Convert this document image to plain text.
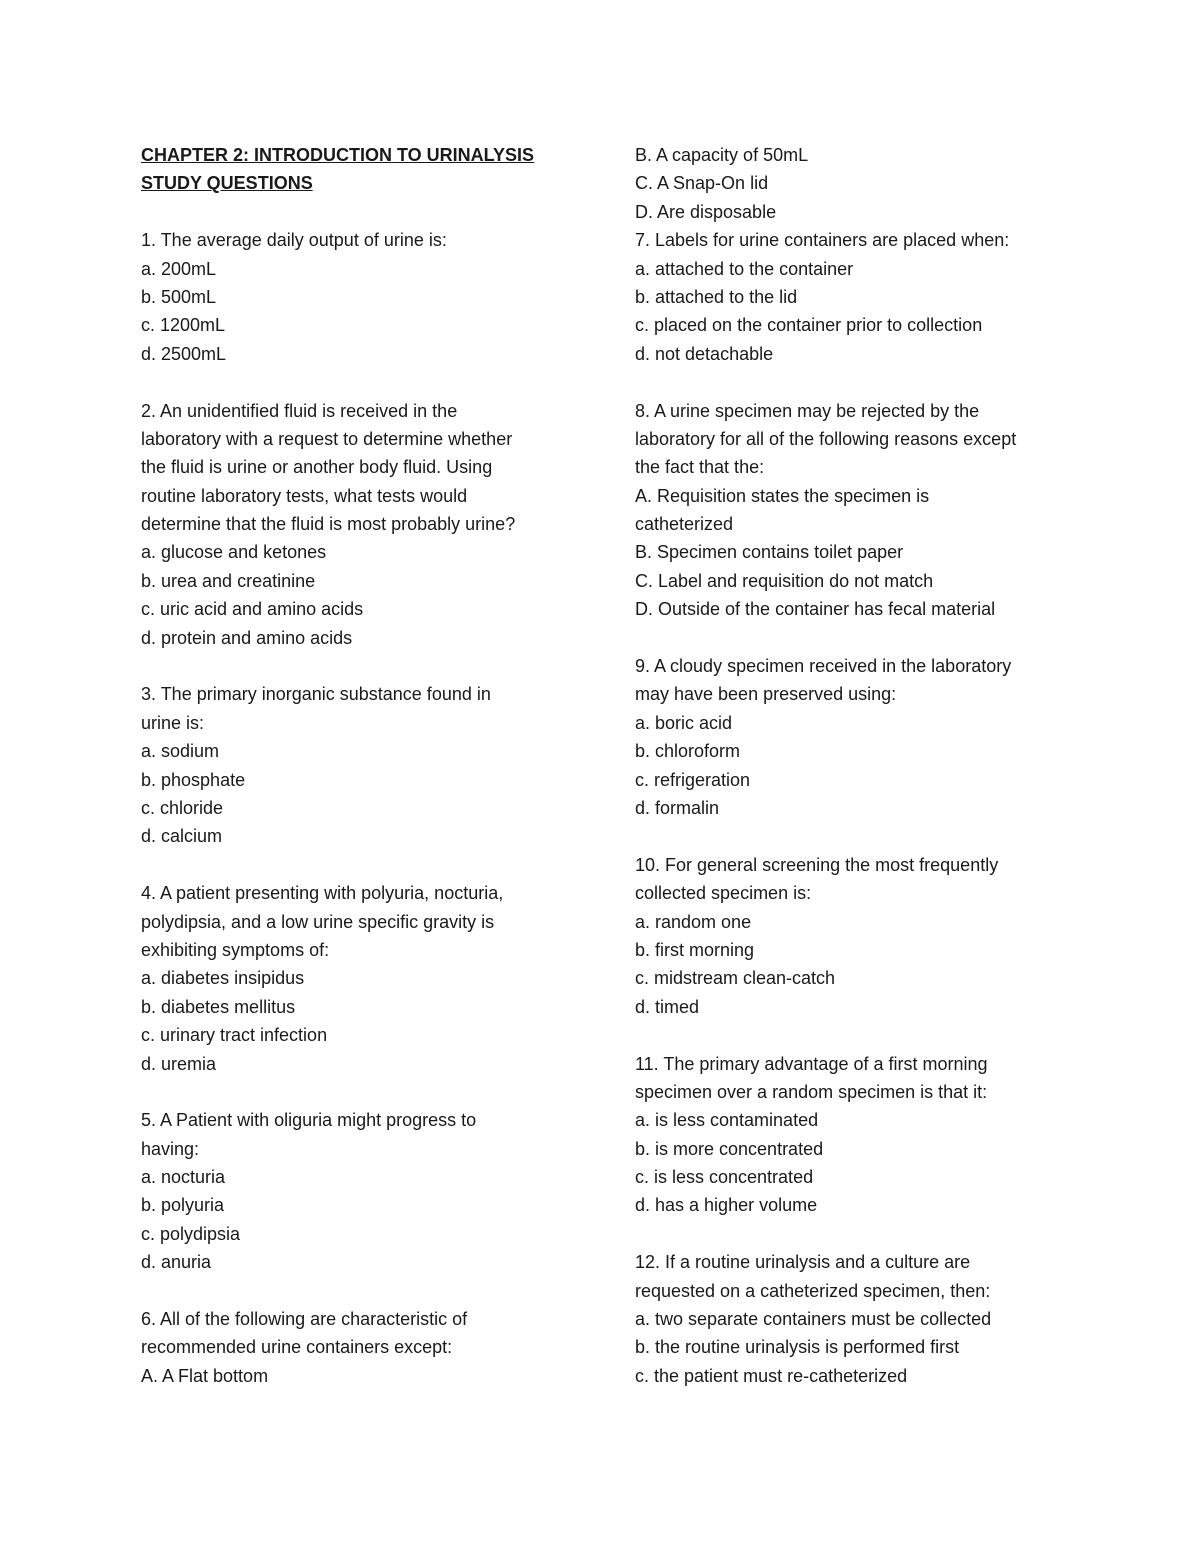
CHAPTER 2: INTRODUCTION TO URINALYSIS
STUDY QUESTIONS
1. The average daily output of urine is:
a. 200mL
b. 500mL
c. 1200mL
d. 2500mL
2. An unidentified fluid is received in the
laboratory with a request to determine whether
the fluid is urine or another body fluid. Using
routine laboratory tests, what tests would
determine that the fluid is most probably urine?
a. glucose and ketones
b. urea and creatinine
c. uric acid and amino acids
d. protein and amino acids
3. The primary inorganic substance found in
urine is:
a. sodium
b. phosphate
c. chloride
d. calcium
4. A patient presenting with polyuria, nocturia,
polydipsia, and a low urine specific gravity is
exhibiting symptoms of:
a. diabetes insipidus
b. diabetes mellitus
c. urinary tract infection
d. uremia
5. A Patient with oliguria might progress to
having:
a. nocturia
b. polyuria
c. polydipsia
d. anuria
6. All of the following are characteristic of
recommended urine containers except:
A. A Flat bottom
B. A capacity of 50mL
C. A Snap-On lid
D. Are disposable
7. Labels for urine containers are placed when:
a. attached to the container
b. attached to the lid
c. placed on the container prior to collection
d. not detachable
8. A urine specimen may be rejected by the
laboratory for all of the following reasons except
the fact that the:
A. Requisition states the specimen is
catheterized
B. Specimen contains toilet paper
C. Label and requisition do not match
D. Outside of the container has fecal material
9. A cloudy specimen received in the laboratory
may have been preserved using:
a. boric acid
b. chloroform
c. refrigeration
d. formalin
10. For general screening the most frequently
collected specimen is:
a. random one
b. first morning
c. midstream clean-catch
d. timed
11. The primary advantage of a first morning
specimen over a random specimen is that it:
a. is less contaminated
b. is more concentrated
c. is less concentrated
d. has a higher volume
12. If a routine urinalysis and a culture are
requested on a catheterized specimen, then:
a. two separate containers must be collected
b. the routine urinalysis is performed first
c. the patient must re-catheterized
